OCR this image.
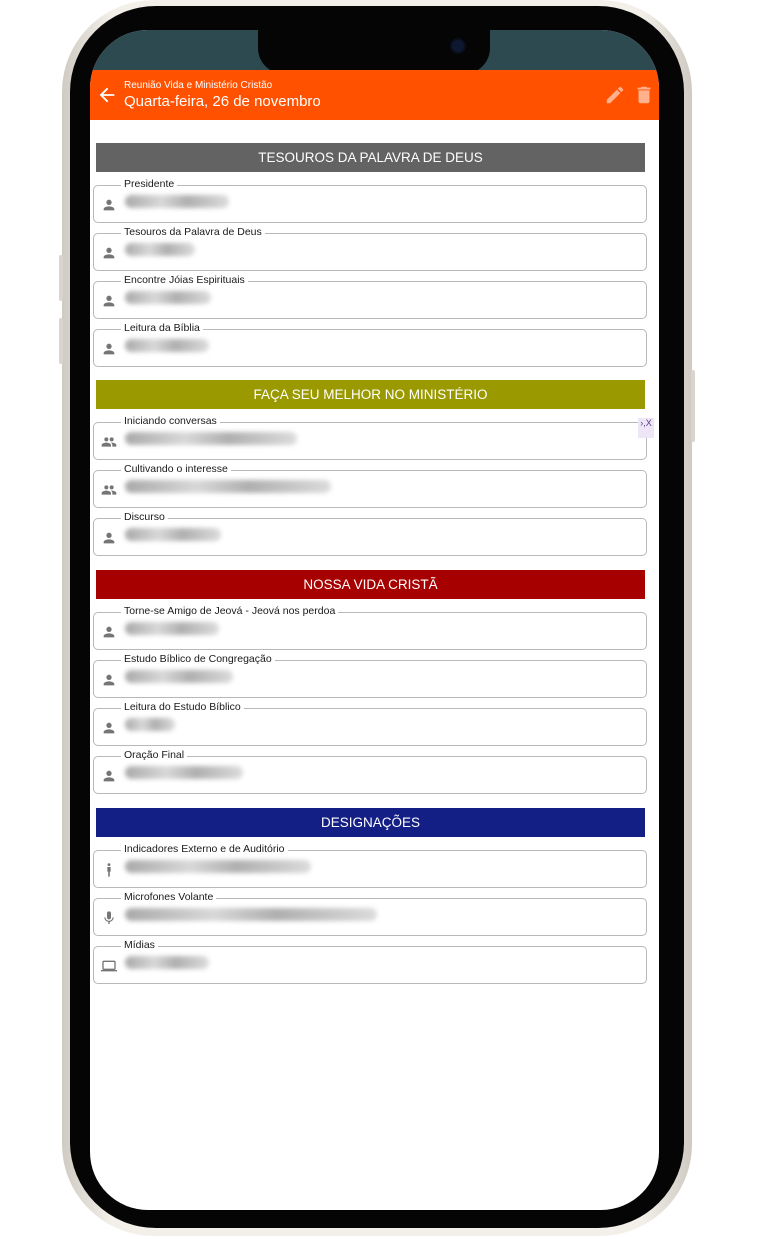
Reunião Vida e Ministério Cristão
Quarta-feira, 26 de novembro
TESOUROS DA PALAVRA DE DEUS
FAÇA SEU MELHOR NO MINISTÉRIO
NOSSA VIDA CRISTÃ
DESIGNAÇÕES
Presidente
Tesouros da Palavra de Deus
Encontre Jóias Espirituais
Leitura da Bíblia
Iniciando conversas
Cultivando o interesse
Discurso
Torne-se Amigo de Jeová - Jeová nos perdoa
Estudo Bíblico de Congregação
Leitura do Estudo Bíblico
Oração Final
Indicadores Externo e de Auditório
Microfones Volante
Mídias
›,X
